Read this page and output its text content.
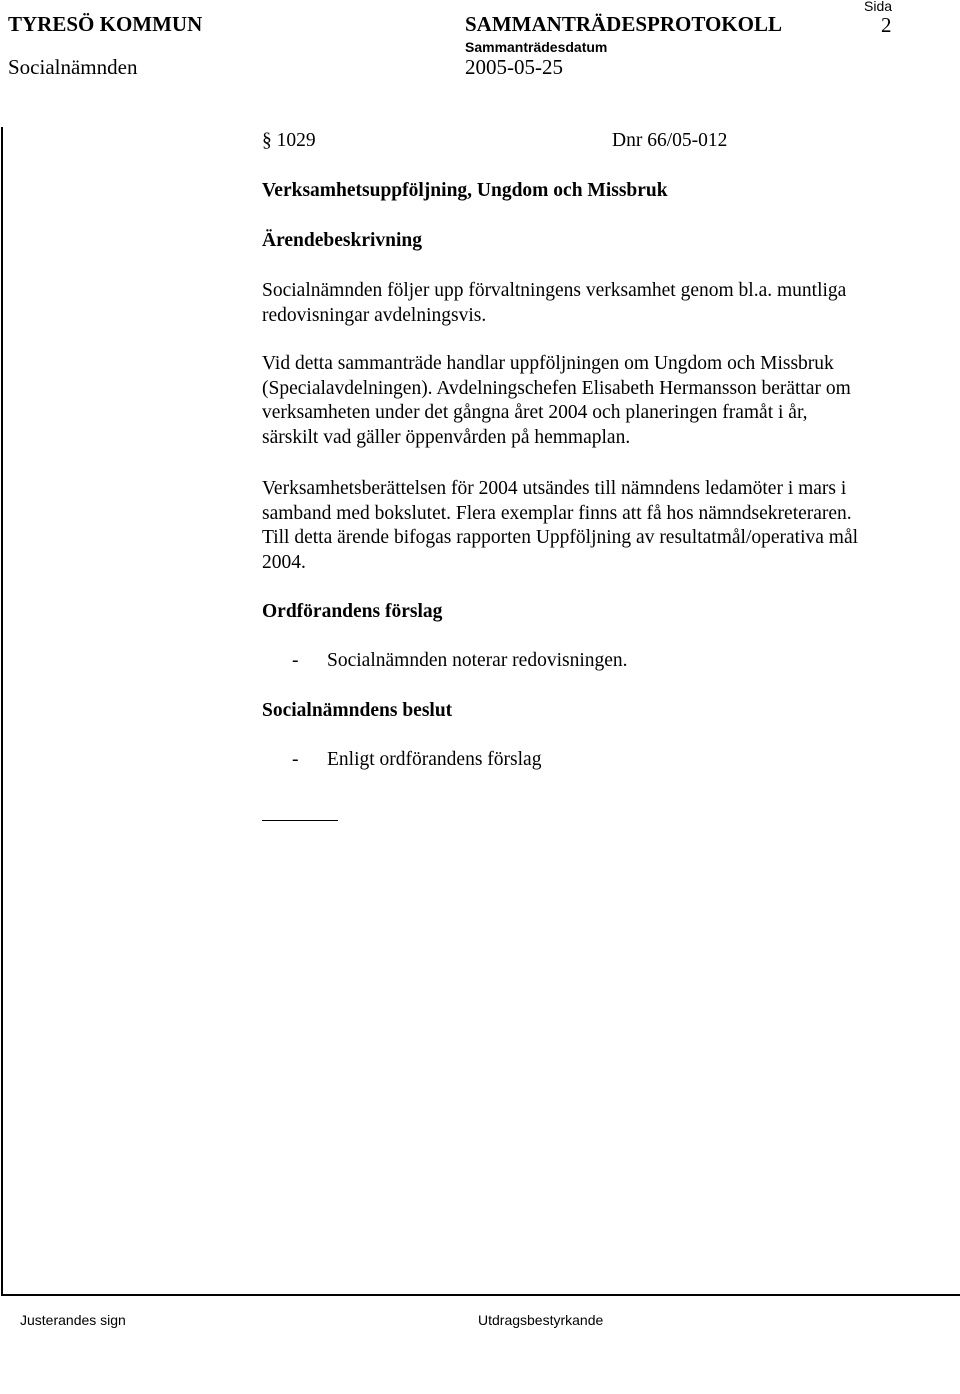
TYRESÖ KOMMUN	SAMMANTRÄDESPROTOKOLL
Sida
2
Sammanträdesdatum
Socialnämnden	2005-05-25
§ 1029	Dnr 66/05-012
Verksamhetsuppföljning, Ungdom och Missbruk
Ärendebeskrivning
Socialnämnden följer upp förvaltningens verksamhet genom bl.a. muntliga
redovisningar avdelningsvis.
Vid detta sammanträde handlar uppföljningen om Ungdom och Missbruk
(Specialavdelningen). Avdelningschefen Elisabeth Hermansson berättar om
verksamheten under det gångna året 2004 och planeringen framåt i år,
särskilt vad gäller öppenvården på hemmaplan.
Verksamhetsberättelsen för 2004 utsändes till nämndens ledamöter i mars i
samband med bokslutet. Flera exemplar finns att få hos nämndsekreteraren.
Till detta ärende bifogas rapporten Uppföljning av resultatmål/operativa mål
2004.
Ordförandens förslag
- Socialnämnden noterar redovisningen.
Socialnämndens beslut
- Enligt ordförandens förslag
Justerandes sign	Utdragsbestyrkande
